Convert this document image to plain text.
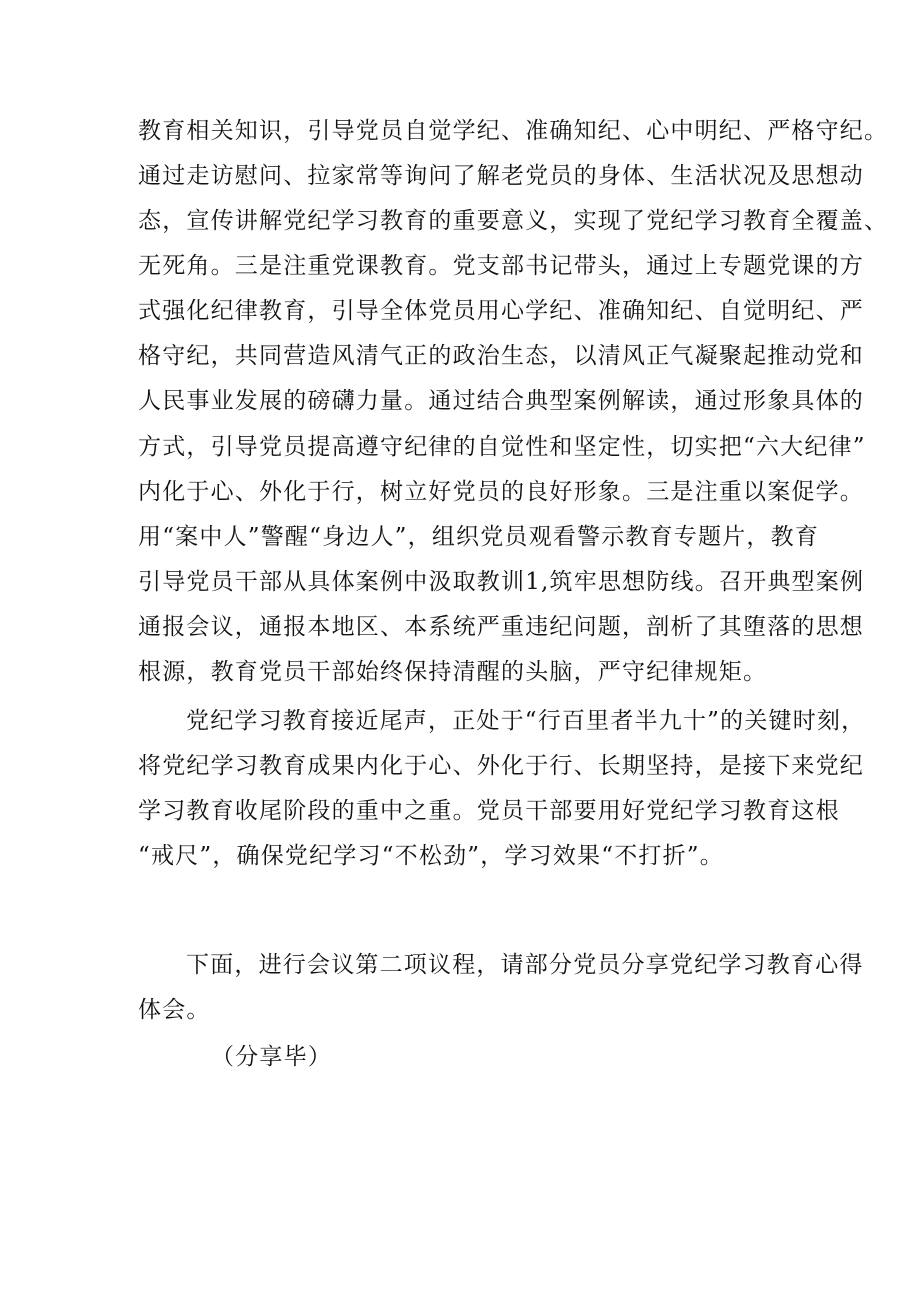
教育相关知识，引导党员自觉学纪、准确知纪、心中明纪、严格守纪。
通过走访慰问、拉家常等询问了解老党员的身体、生活状况及思想动
态，宣传讲解党纪学习教育的重要意义，实现了党纪学习教育全覆盖、
无死角。三是注重党课教育。党支部书记带头，通过上专题党课的方
式强化纪律教育，引导全体党员用心学纪、准确知纪、自觉明纪、严
格守纪，共同营造风清气正的政治生态，以清风正气凝聚起推动党和
人民事业发展的磅礴力量。通过结合典型案例解读，通过形象具体的
方式，引导党员提高遵守纪律的自觉性和坚定性，切实把“六大纪律”
内化于心、外化于行，树立好党员的良好形象。三是注重以案促学。
用“案中人”警醒“身边人”，组织党员观看警示教育专题片，教育
引导党员干部从具体案例中汲取教训1,筑牢思想防线。召开典型案例
通报会议，通报本地区、本系统严重违纪问题，剖析了其堕落的思想
根源，教育党员干部始终保持清醒的头脑，严守纪律规矩。
党纪学习教育接近尾声，正处于“行百里者半九十”的关键时刻，
将党纪学习教育成果内化于心、外化于行、长期坚持，是接下来党纪
学习教育收尾阶段的重中之重。党员干部要用好党纪学习教育这根
“戒尺”，确保党纪学习“不松劲”，学习效果“不打折”。
下面，进行会议第二项议程，请部分党员分享党纪学习教育心得
体会。
（分享毕）
